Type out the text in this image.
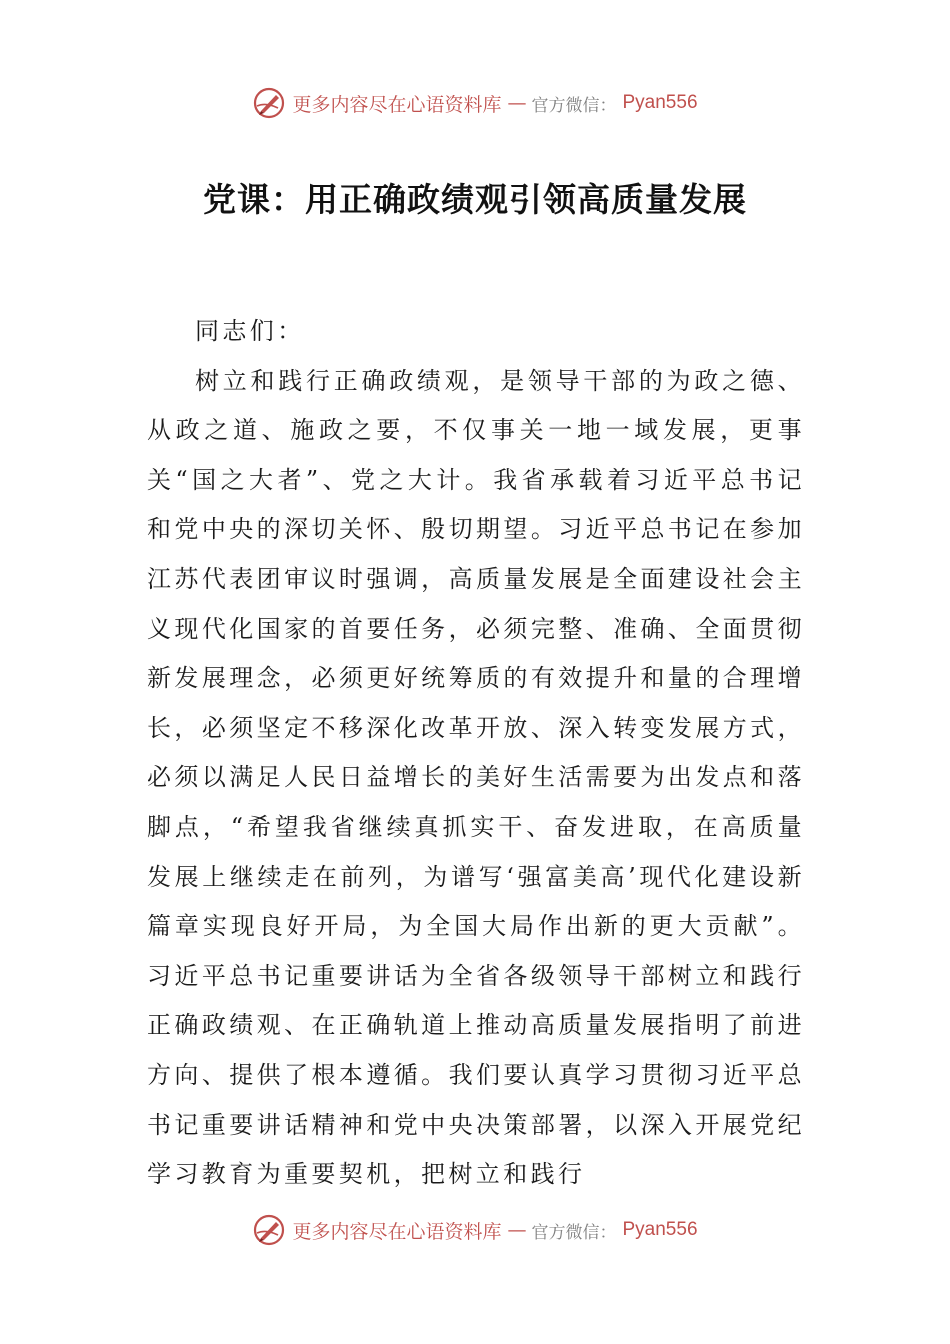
更多内容尽在心语资料库 — 官方微信： Pyan556
党课：用正确政绩观引领高质量发展

同志们：

树立和践行正确政绩观，是领导干部的为政之德、从政之道、施政之要，不仅事关一地一域发展，更事关“国之大者”、党之大计。我省承载着习近平总书记和党中央的深切关怀、殷切期望。习近平总书记在参加江苏代表团审议时强调，高质量发展是全面建设社会主义现代化国家的首要任务，必须完整、准确、全面贯彻新发展理念，必须更好统筹质的有效提升和量的合理增长，必须坚定不移深化改革开放、深入转变发展方式，必须以满足人民日益增长的美好生活需要为出发点和落脚点，“希望我省继续真抓实干、奋发进取，在高质量发展上继续走在前列，为谱写‘强富美高’现代化建设新篇章实现良好开局，为全国大局作出新的更大贡献”。习近平总书记重要讲话为全省各级领导干部树立和践行正确政绩观、在正确轨道上推动高质量发展指明了前进方向、提供了根本遵循。我们要认真学习贯彻习近平总书记重要讲话精神和党中央决策部署，以深入开展党纪学习教育为重要契机，把树立和践行

更多内容尽在心语资料库 — 官方微信： Pyan556
